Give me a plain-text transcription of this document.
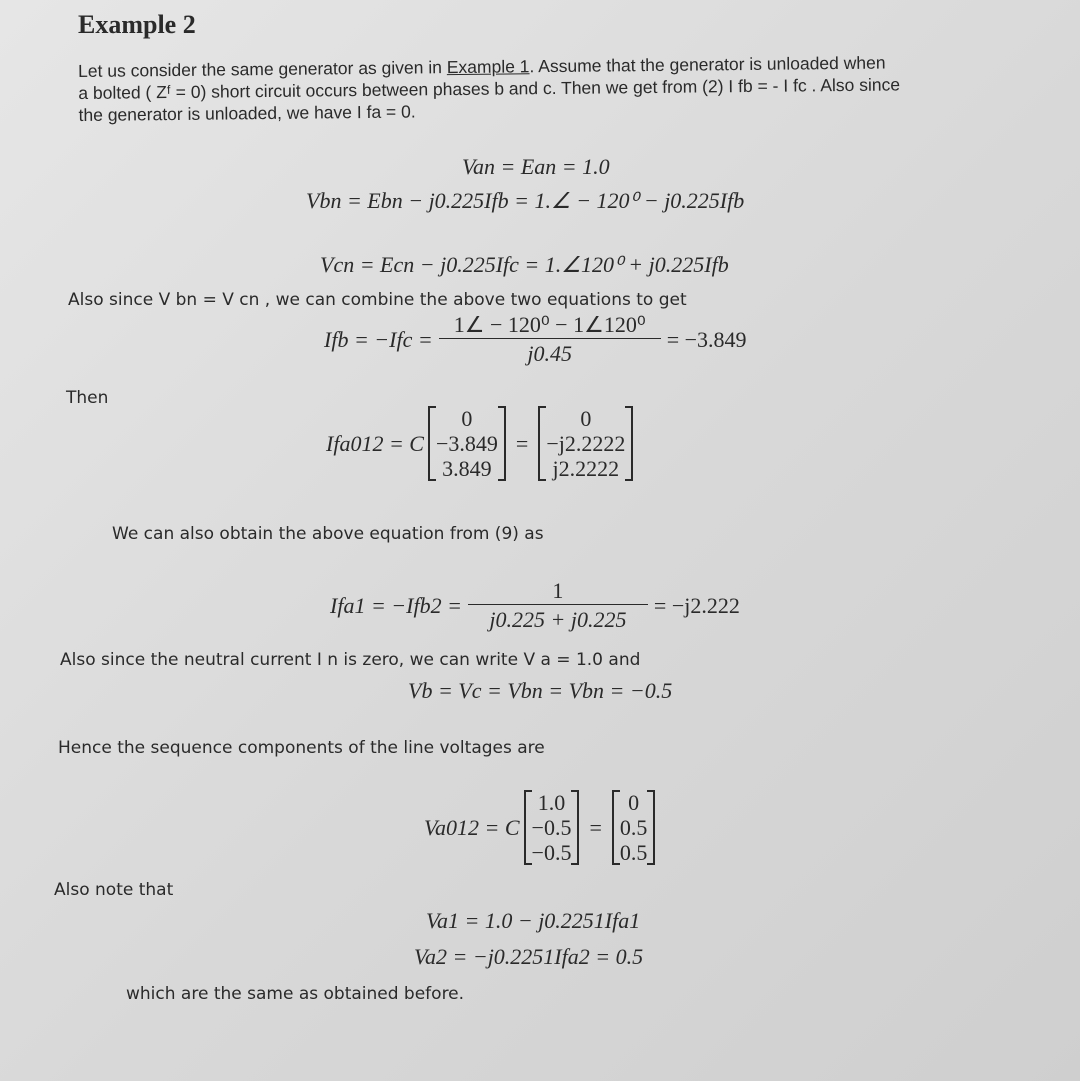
Example 2
Let us consider the same generator as given in Example 1. Assume that the generator is unloaded when
a bolted ( Zᶠ = 0) short circuit occurs between phases b and c. Then we get from (2) I fb = - I fc . Also since
the generator is unloaded, we have I fa = 0.
Van = Ean = 1.0
Vbn = Ebn − j0.225Ifb = 1.∠ − 120⁰ − j0.225Ifb
Vcn = Ecn − j0.225Ifc = 1.∠120⁰ + j0.225Ifb
Also since V bn = V cn , we can combine the above two equations to get
Ifb = $-Ifc = \frac{\text{1∠ − 120⁰ − 1∠120⁰}}{j0.45} = -3.849$
Then
Ifa012 = C
0
−3.849
3.849
=
0
−j2.2222
j2.2222
We can also obtain the above equation from (9) as
$Ifa1 = -Ifb2 = \frac{1}{j0.225 + j0.225} = -j2.222$
Also since the neutral current I n is zero, we can write V a = 1.0 and
Vb = Vc = Vbn = Vbn = −0.5
Hence the sequence components of the line voltages are
Va012 = C
1.0
−0.5
−0.5
=
0
0.5
0.5
Also note that
Va1 = 1.0 − j0.2251Ifa1
Va2 = −j0.2251Ifa2 = 0.5
which are the same as obtained before.
